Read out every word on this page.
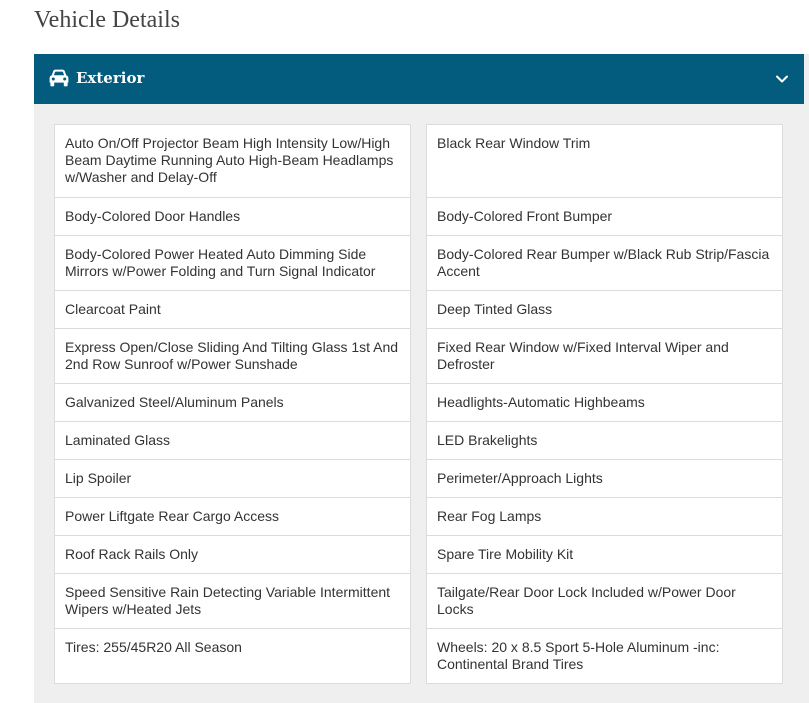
Vehicle Details
Exterior
Auto On/Off Projector Beam High Intensity Low/High Beam Daytime Running Auto High-Beam Headlamps w/Washer and Delay-Off
Body-Colored Door Handles
Body-Colored Power Heated Auto Dimming Side Mirrors w/Power Folding and Turn Signal Indicator
Clearcoat Paint
Express Open/Close Sliding And Tilting Glass 1st And 2nd Row Sunroof w/Power Sunshade
Galvanized Steel/Aluminum Panels
Laminated Glass
Lip Spoiler
Power Liftgate Rear Cargo Access
Roof Rack Rails Only
Speed Sensitive Rain Detecting Variable Intermittent Wipers w/Heated Jets
Tires: 255/45R20 All Season
Black Rear Window Trim
Body-Colored Front Bumper
Body-Colored Rear Bumper w/Black Rub Strip/Fascia Accent
Deep Tinted Glass
Fixed Rear Window w/Fixed Interval Wiper and Defroster
Headlights-Automatic Highbeams
LED Brakelights
Perimeter/Approach Lights
Rear Fog Lamps
Spare Tire Mobility Kit
Tailgate/Rear Door Lock Included w/Power Door Locks
Wheels: 20 x 8.5 Sport 5-Hole Aluminum -inc: Continental Brand Tires
